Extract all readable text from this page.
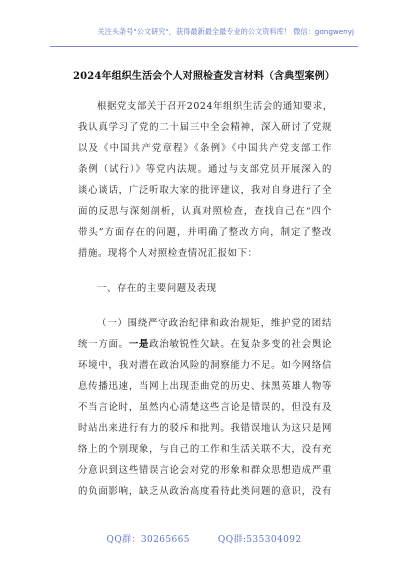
关注头条号"公文研究"，获得最新最全最专业的公文资料库！ 微信：gongwenyj
2024年组织生活会个人对照检查发言材料（含典型案例）
根据党支部关于召开2024年组织生活会的通知要求，
我认真学习了党的二十届三中全会精神，深入研讨了党规
以及《中国共产党章程》《条例》《中国共产党支部工作
条例（试行）》等党内法规。通过与支部党员开展深入的
谈心谈话，广泛听取大家的批评建议，我对自身进行了全
面的反思与深刻剖析，认真对照检查，查找自己在“四个
带头”方面存在的问题，并明确了整改方向，制定了整改
措施。现将个人对照检查情况汇报如下：
一、存在的主要问题及表现
（一）围绕严守政治纪律和政治规矩，维护党的团结
统一方面。一是政治敏锐性欠缺。在复杂多变的社会舆论
环境中，我对潜在政治风险的洞察能力不足。如今网络信
息传播迅速，当网上出现歪曲党的历史、抹黑英雄人物等
不当言论时，虽然内心清楚这些言论是错误的，但没有及
时站出来进行有力的驳斥和批判。我错误地认为这只是网
络上的个别现象，与自己的工作和生活关联不大，没有充
分意识到这些错误言论会对党的形象和群众思想造成严重
的负面影响，缺乏从政治高度看待此类问题的意识，没有
QQ群：30265665	QQ群:535304092
